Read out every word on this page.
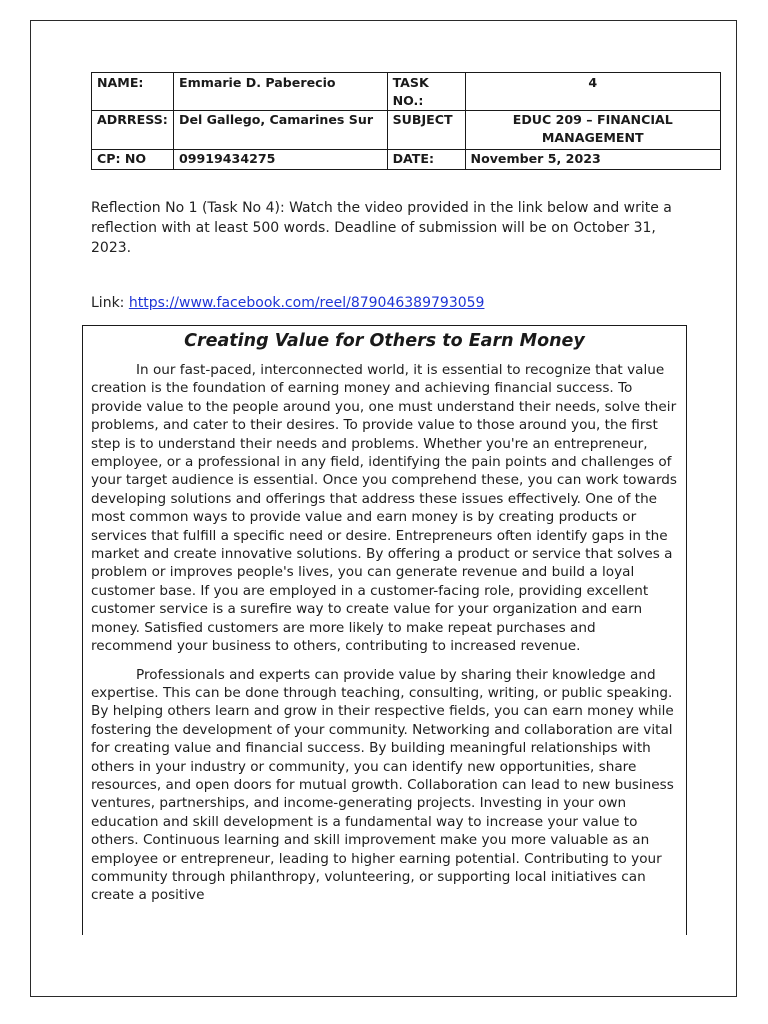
NAME:	Emmarie D. Paberecio	TASK NO.:	4
ADRRESS:	Del Gallego, Camarines Sur	SUBJECT	EDUC 209 – FINANCIAL MANAGEMENT
CP: NO	09919434275	DATE:	November 5, 2023
Reflection No 1 (Task No 4): Watch the video provided in the link below and write a reflection with at least 500 words. Deadline of submission will be on October 31, 2023.
Link: https://www.facebook.com/reel/879046389793059
Creating Value for Others to Earn Money

In our fast-paced, interconnected world, it is essential to recognize that value creation is the foundation of earning money and achieving financial success. To provide value to the people around you, one must understand their needs, solve their problems, and cater to their desires. To provide value to those around you, the first step is to understand their needs and problems. Whether you're an entrepreneur, employee, or a professional in any field, identifying the pain points and challenges of your target audience is essential. Once you comprehend these, you can work towards developing solutions and offerings that address these issues effectively. One of the most common ways to provide value and earn money is by creating products or services that fulfill a specific need or desire. Entrepreneurs often identify gaps in the market and create innovative solutions. By offering a product or service that solves a problem or improves people's lives, you can generate revenue and build a loyal customer base. If you are employed in a customer-facing role, providing excellent customer service is a surefire way to create value for your organization and earn money. Satisfied customers are more likely to make repeat purchases and recommend your business to others, contributing to increased revenue.

Professionals and experts can provide value by sharing their knowledge and expertise. This can be done through teaching, consulting, writing, or public speaking. By helping others learn and grow in their respective fields, you can earn money while fostering the development of your community. Networking and collaboration are vital for creating value and financial success. By building meaningful relationships with others in your industry or community, you can identify new opportunities, share resources, and open doors for mutual growth. Collaboration can lead to new business ventures, partnerships, and income-generating projects. Investing in your own education and skill development is a fundamental way to increase your value to others. Continuous learning and skill improvement make you more valuable as an employee or entrepreneur, leading to higher earning potential. Contributing to your community through philanthropy, volunteering, or supporting local initiatives can create a positive
